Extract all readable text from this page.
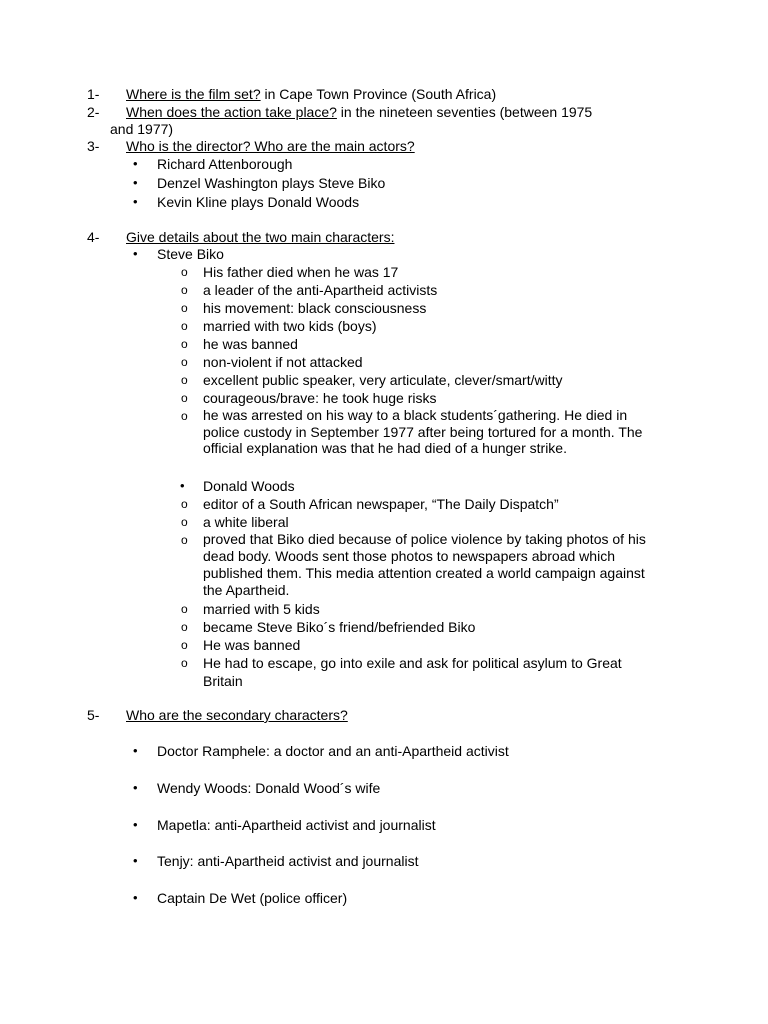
1- Where is the film set? in Cape Town Province (South Africa)
2- When does the action take place? in the nineteen seventies (between 1975
and 1977)
3- Who is the director? Who are the main actors?
• Richard Attenborough
• Denzel Washington plays Steve Biko
• Kevin Kline plays Donald Woods
4- Give details about the two main characters:
• Steve Biko
o His father died when he was 17
o a leader of the anti-Apartheid activists
o his movement: black consciousness
o married with two kids (boys)
o he was banned
o non-violent if not attacked
o excellent public speaker, very articulate, clever/smart/witty
o courageous/brave: he took huge risks
o he was arrested on his way to a black students´gathering. He died in police custody in September 1977 after being tortured for a month. The official explanation was that he had died of a hunger strike.
• Donald Woods
o editor of a South African newspaper, “The Daily Dispatch”
o a white liberal
o proved that Biko died because of police violence by taking photos of his dead body. Woods sent those photos to newspapers abroad which published them. This media attention created a world campaign against the Apartheid.
o married with 5 kids
o became Steve Biko´s friend/befriended Biko
o He was banned
o He had to escape, go into exile and ask for political asylum to Great Britain
5- Who are the secondary characters?
• Doctor Ramphele: a doctor and an anti-Apartheid activist
• Wendy Woods: Donald Wood´s wife
• Mapetla: anti-Apartheid activist and journalist
• Tenjy: anti-Apartheid activist and journalist
• Captain De Wet (police officer)
